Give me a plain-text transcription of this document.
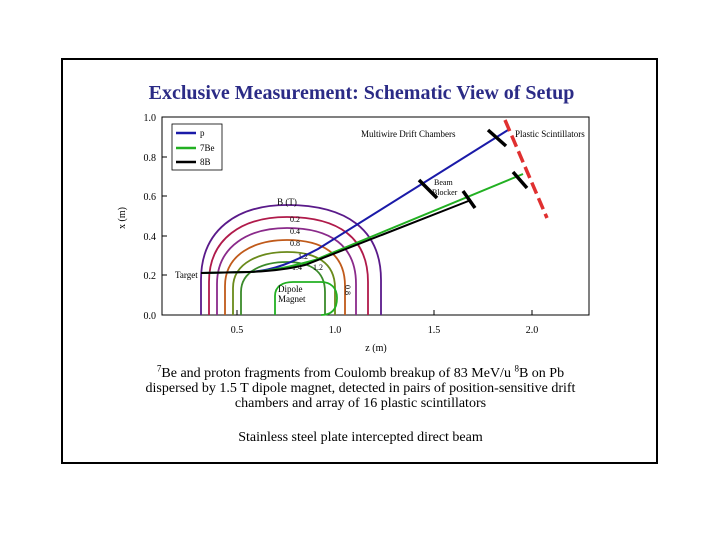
Exclusive Measurement: Schematic View of Setup
0.0
0.2
0.4
0.6
0.8
1.0
x (m)
0.5	1.0	1.5	2.0
z (m)
B (T)
0.2
0.4
0.8
1.2
1.4 1.2
0.8
Target
Dipole
Magnet
Multiwire Drift Chambers	Plastic Scintillators
Beam
Blocker
p
7Be
8B
$^7$Be and proton fragments from Coulomb breakup of 83 MeV/u $^8$B on Pb
dispersed by 1.5 T dipole magnet, detected in pairs of position-sensitive drift
chambers and array of 16 plastic scintillators
Stainless steel plate intercepted direct beam
